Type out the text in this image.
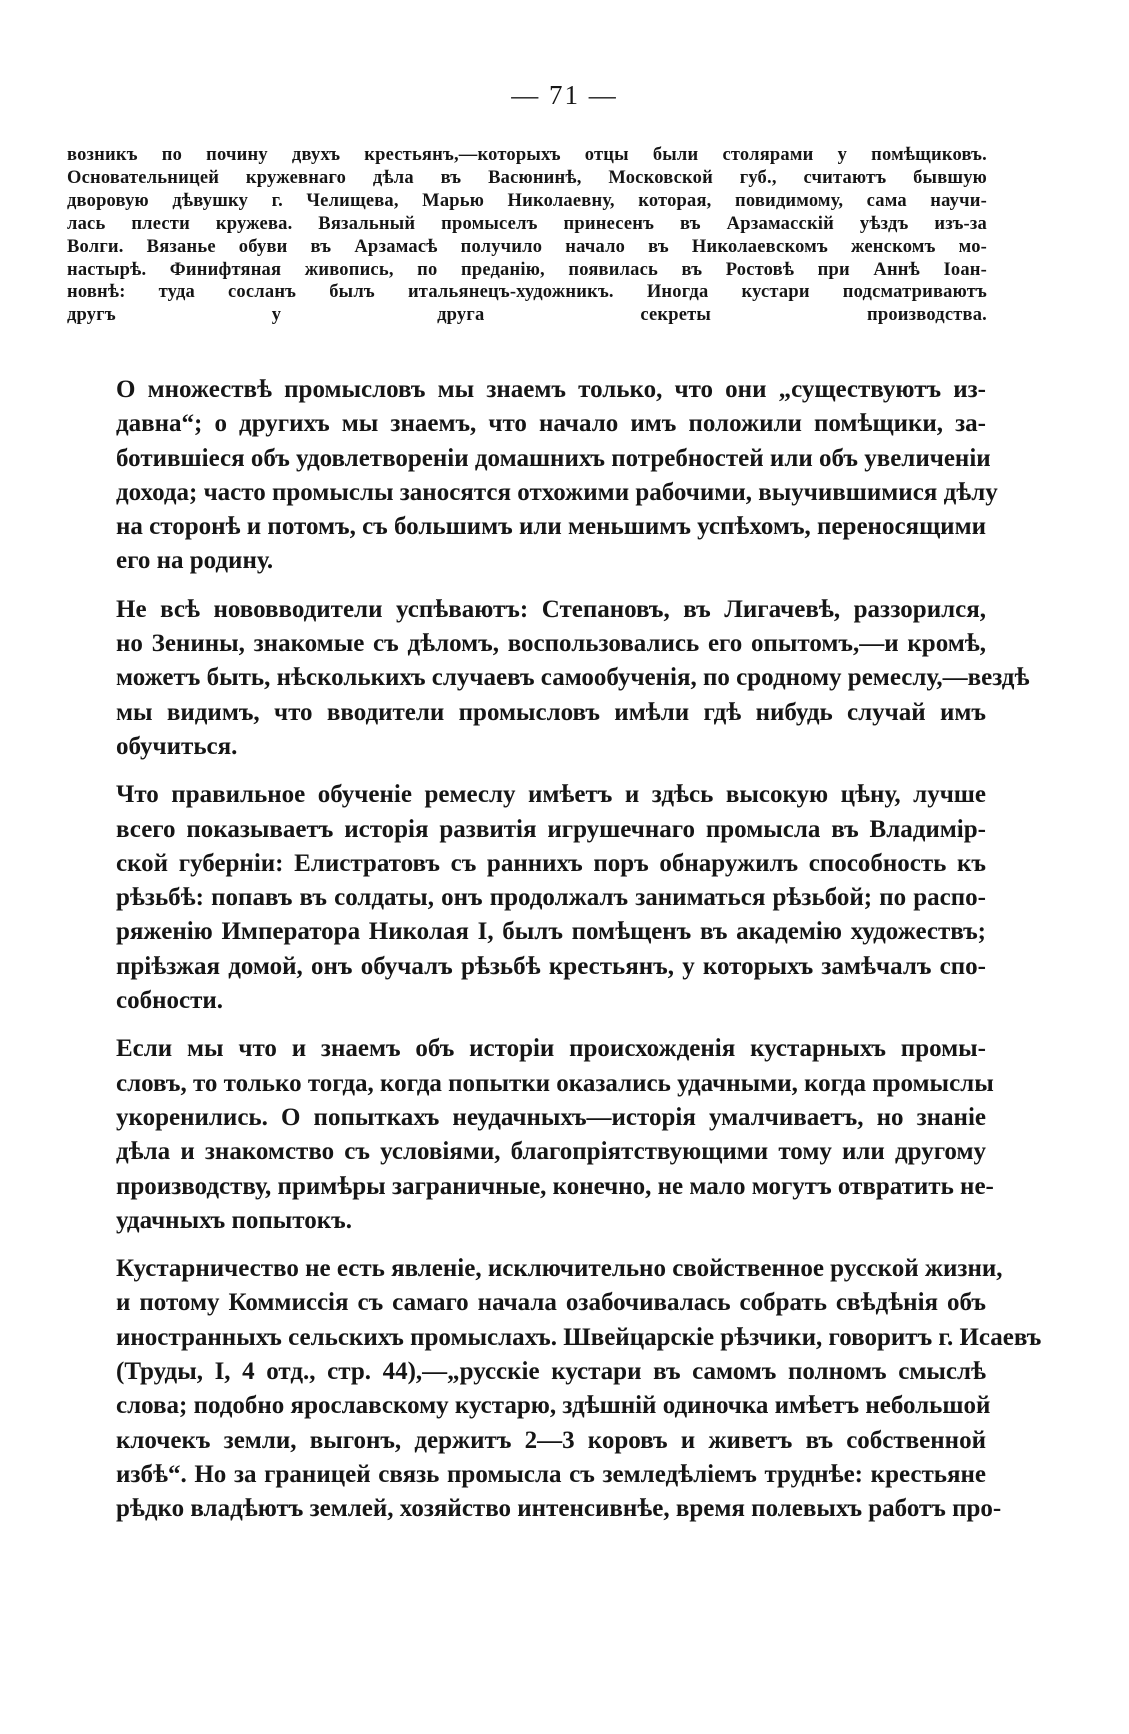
— 71 —
возникъ по почину двухъ крестьянъ,—которыхъ отцы были столярами у помѣщиковъ.
Основательницей кружевнаго дѣла въ Васюнинѣ, Московской губ., считаютъ бывшую
дворовую дѣвушку г. Челищева, Марью Николаевну, которая, повидимому, сама научи-
лась плести кружева. Вязальный промыселъ принесенъ въ Арзамасскій уѣздъ изъ-за
Волги. Вязанье обуви въ Арзамасѣ получило начало въ Николаевскомъ женскомъ мо-
настырѣ. Финифтяная живопись, по преданію, появилась въ Ростовѣ при Аннѣ Іоан-
новнѣ: туда сосланъ былъ итальянецъ-художникъ. Иногда кустари подсматриваютъ
другъ у друга секреты производства.

О множествѣ промысловъ мы знаемъ только, что они „существуютъ из-
давна“; о другихъ мы знаемъ, что начало имъ положили помѣщики, за-
ботившіеся объ удовлетвореніи домашнихъ потребностей или объ увеличеніи
дохода; часто промыслы заносятся отхожими рабочими, выучившимися дѣлу
на сторонѣ и потомъ, съ большимъ или меньшимъ успѣхомъ, переносящими
его на родину.

Не всѣ нововводители успѣваютъ: Степановъ, въ Лигачевѣ, раззорился,
но Зенины, знакомые съ дѣломъ, воспользовались его опытомъ,—и кромѣ,
можетъ быть, нѣсколькихъ случаевъ самообученія, по сродному ремеслу,—вездѣ
мы видимъ, что вводители промысловъ имѣли гдѣ нибудь случай имъ
обучиться.

Что правильное обученіе ремеслу имѣетъ и здѣсь высокую цѣну, лучше
всего показываетъ исторія развитія игрушечнаго промысла въ Владимір-
ской губерніи: Елистратовъ съ раннихъ поръ обнаружилъ способность къ
рѣзьбѣ: попавъ въ солдаты, онъ продолжалъ заниматься рѣзьбой; по распо-
ряженію Императора Николая I, былъ помѣщенъ въ академію художествъ;
пріѣзжая домой, онъ обучалъ рѣзьбѣ крестьянъ, у которыхъ замѣчалъ спо-
собности.

Если мы что и знаемъ объ исторіи происхожденія кустарныхъ промы-
словъ, то только тогда, когда попытки оказались удачными, когда промыслы
укоренились. О попыткахъ неудачныхъ—исторія умалчиваетъ, но знаніе
дѣла и знакомство съ условіями, благопріятствующими тому или другому
производству, примѣры заграничные, конечно, не мало могутъ отвратить не-
удачныхъ попытокъ.

Кустарничество не есть явленіе, исключительно свойственное русской жизни,
и потому Коммиссія съ самаго начала озабочивалась собрать свѣдѣнія объ
иностранныхъ сельскихъ промыслахъ. Швейцарскіе рѣзчики, говоритъ г. Исаевъ
(Труды, I, 4 отд., стр. 44),—„русскіе кустари въ самомъ полномъ смыслѣ
слова; подобно ярославскому кустарю, здѣшній одиночка имѣетъ небольшой
клочекъ земли, выгонъ, держитъ 2—3 коровъ и живетъ въ собственной
избѣ“. Но за границей связь промысла съ земледѣліемъ труднѣе: крестьяне
рѣдко владѣютъ землей, хозяйство интенсивнѣе, время полевыхъ работъ про-
